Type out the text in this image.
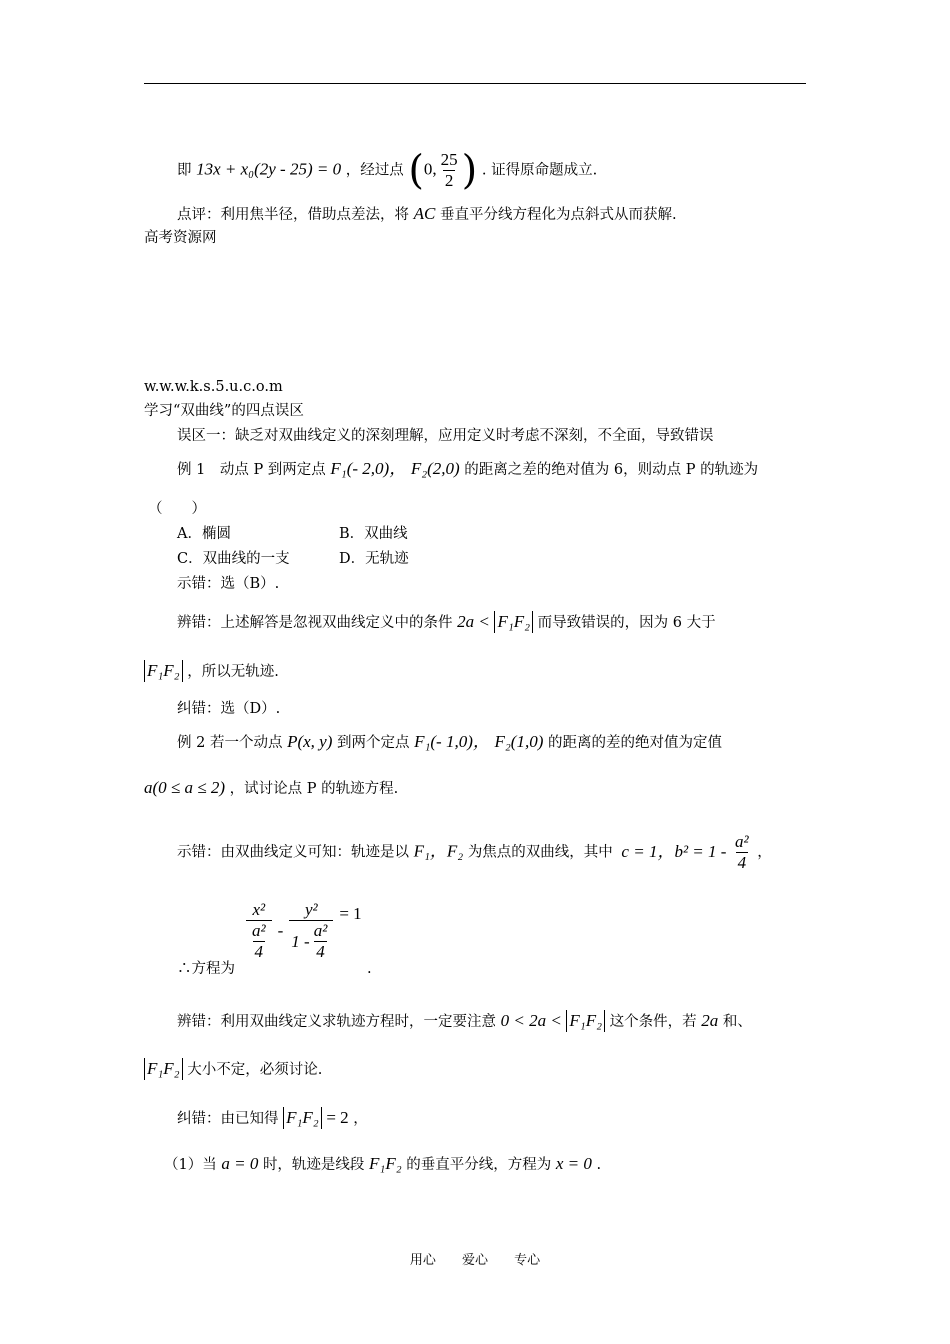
即 13x + x₀(2y - 25) = 0 ，经过点 (0, $\frac{25}{2}$ ) . 证得原命题成立.
点评：利用焦半径，借助点差法，将 AC 垂直平分线方程化为点斜式从而获解.
高考资源网
w.w.w.k.s.5.u.c.o.m
学习“双曲线”的四点误区
误区一：缺乏对双曲线定义的深刻理解，应用定义时考虑不深刻，不全面，导致错误
例 1　动点 P 到两定点 F₁(- 2,0)， F₂(2,0) 的距离之差的绝对值为 6，则动点 P 的轨迹为
（　　）
A．椭圆	B．双曲线
C．双曲线的一支	D．无轨迹
示错：选（B）.
辨错：上述解答是忽视双曲线定义中的条件 2a < F₁F₂ 而导致错误的，因为 6 大于
F₁F₂ ，所以无轨迹.
纠错：选（D）.
例 2 若一个动点 P(x, y) 到两个定点 F₁(- 1,0)， F₂(1,0) 的距离的差的绝对值为定值
a(0 ≤ a ≤ 2) ，试讨论点 P 的轨迹方程.
示错：由双曲线定义可知：轨迹是以 F₁，F₂ 为焦点的双曲线，其中 c = 1，$b^2 = 1 - \frac{\text{a²}}{4}$ ，
$\frac{\text{x²}}{\frac{\text{a²}}{4}} - \frac{\text{y²}}{1 - \frac{\text{a²}}{4}} = 1$
∴方程为	.
辨错：利用双曲线定义求轨迹方程时，一定要注意 0 < 2a < F₁F₂ 这个条件，若 2a 和、
F₁F₂ 大小不定，必须讨论.
纠错：由已知得 F₁F₂ = 2 ，
（1）当 a = 0 时，轨迹是线段 F₁F₂ 的垂直平分线，方程为 x = 0 .
用心 爱心 专心
